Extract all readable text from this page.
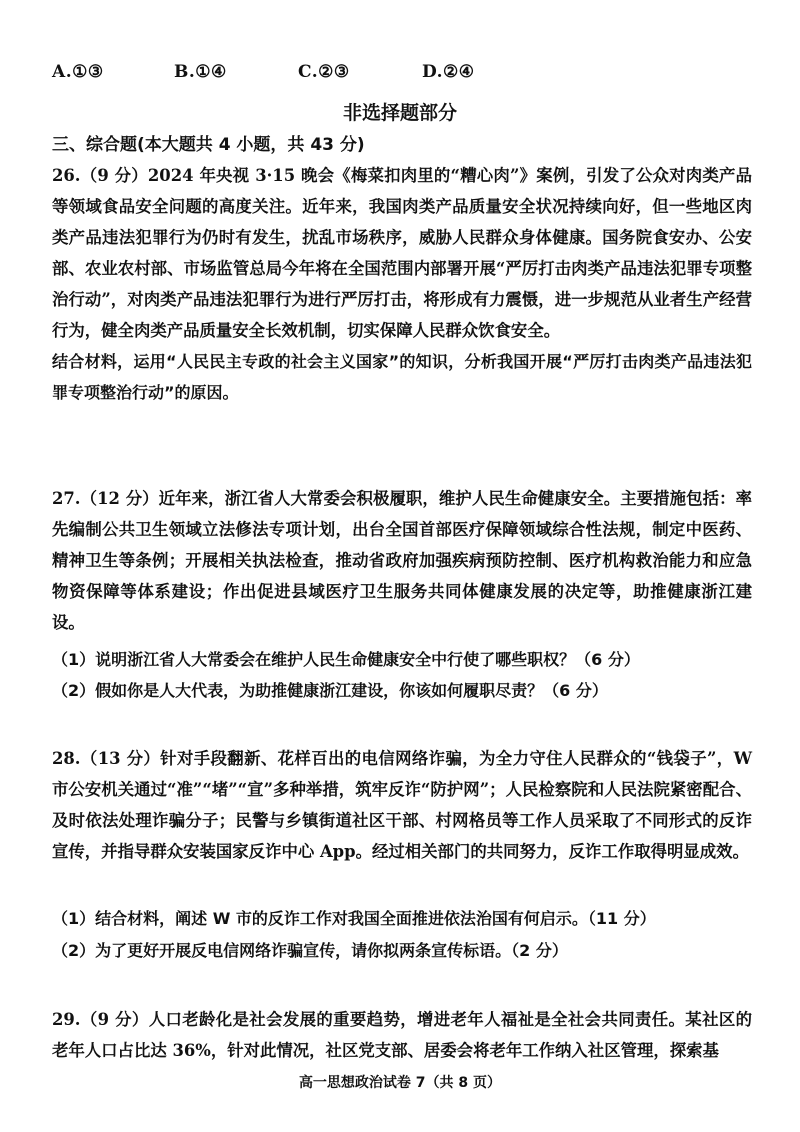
A.①③	B.①④	C.②③	D.②④
非选择题部分
三、综合题(本大题共 4 小题，共 43 分)

26.（9 分）2024 年央视 3·15 晚会《梅菜扣肉里的“糟心肉”》案例，引发了公众对肉类产品等领域食品安全问题的高度关注。近年来，我国肉类产品质量安全状况持续向好，但一些地区肉类产品违法犯罪行为仍时有发生，扰乱市场秩序，威胁人民群众身体健康。国务院食安办、公安部、农业农村部、市场监管总局今年将在全国范围内部署开展“严厉打击肉类产品违法犯罪专项整治行动”，对肉类产品违法犯罪行为进行严厉打击，将形成有力震慑，进一步规范从业者生产经营行为，健全肉类产品质量安全长效机制，切实保障人民群众饮食安全。

结合材料，运用“人民民主专政的社会主义国家”的知识，分析我国开展“严厉打击肉类产品违法犯罪专项整治行动”的原因。

27.（12 分）近年来，浙江省人大常委会积极履职，维护人民生命健康安全。主要措施包括：率先编制公共卫生领域立法修法专项计划，出台全国首部医疗保障领域综合性法规，制定中医药、精神卫生等条例；开展相关执法检查，推动省政府加强疾病预防控制、医疗机构救治能力和应急物资保障等体系建设；作出促进县域医疗卫生服务共同体健康发展的决定等，助推健康浙江建设。

（1）说明浙江省人大常委会在维护人民生命健康安全中行使了哪些职权？（6 分）
（2）假如你是人大代表，为助推健康浙江建设，你该如何履职尽责？（6 分）

28.（13 分）针对手段翻新、花样百出的电信网络诈骗，为全力守住人民群众的“钱袋子”，W 市公安机关通过“准”“堵”“宣”多种举措，筑牢反诈“防护网”；人民检察院和人民法院紧密配合、及时依法处理诈骗分子；民警与乡镇街道社区干部、村网格员等工作人员采取了不同形式的反诈宣传，并指导群众安装国家反诈中心 App。经过相关部门的共同努力，反诈工作取得明显成效。

（1）结合材料，阐述 W 市的反诈工作对我国全面推进依法治国有何启示。（11 分）
（2）为了更好开展反电信网络诈骗宣传，请你拟两条宣传标语。（2 分）

29.（9 分）人口老龄化是社会发展的重要趋势，增进老年人福祉是全社会共同责任。某社区的老年人口占比达 36%，针对此情况，社区党支部、居委会将老年工作纳入社区管理，探索基

高一思想政治试卷 7（共 8 页）
